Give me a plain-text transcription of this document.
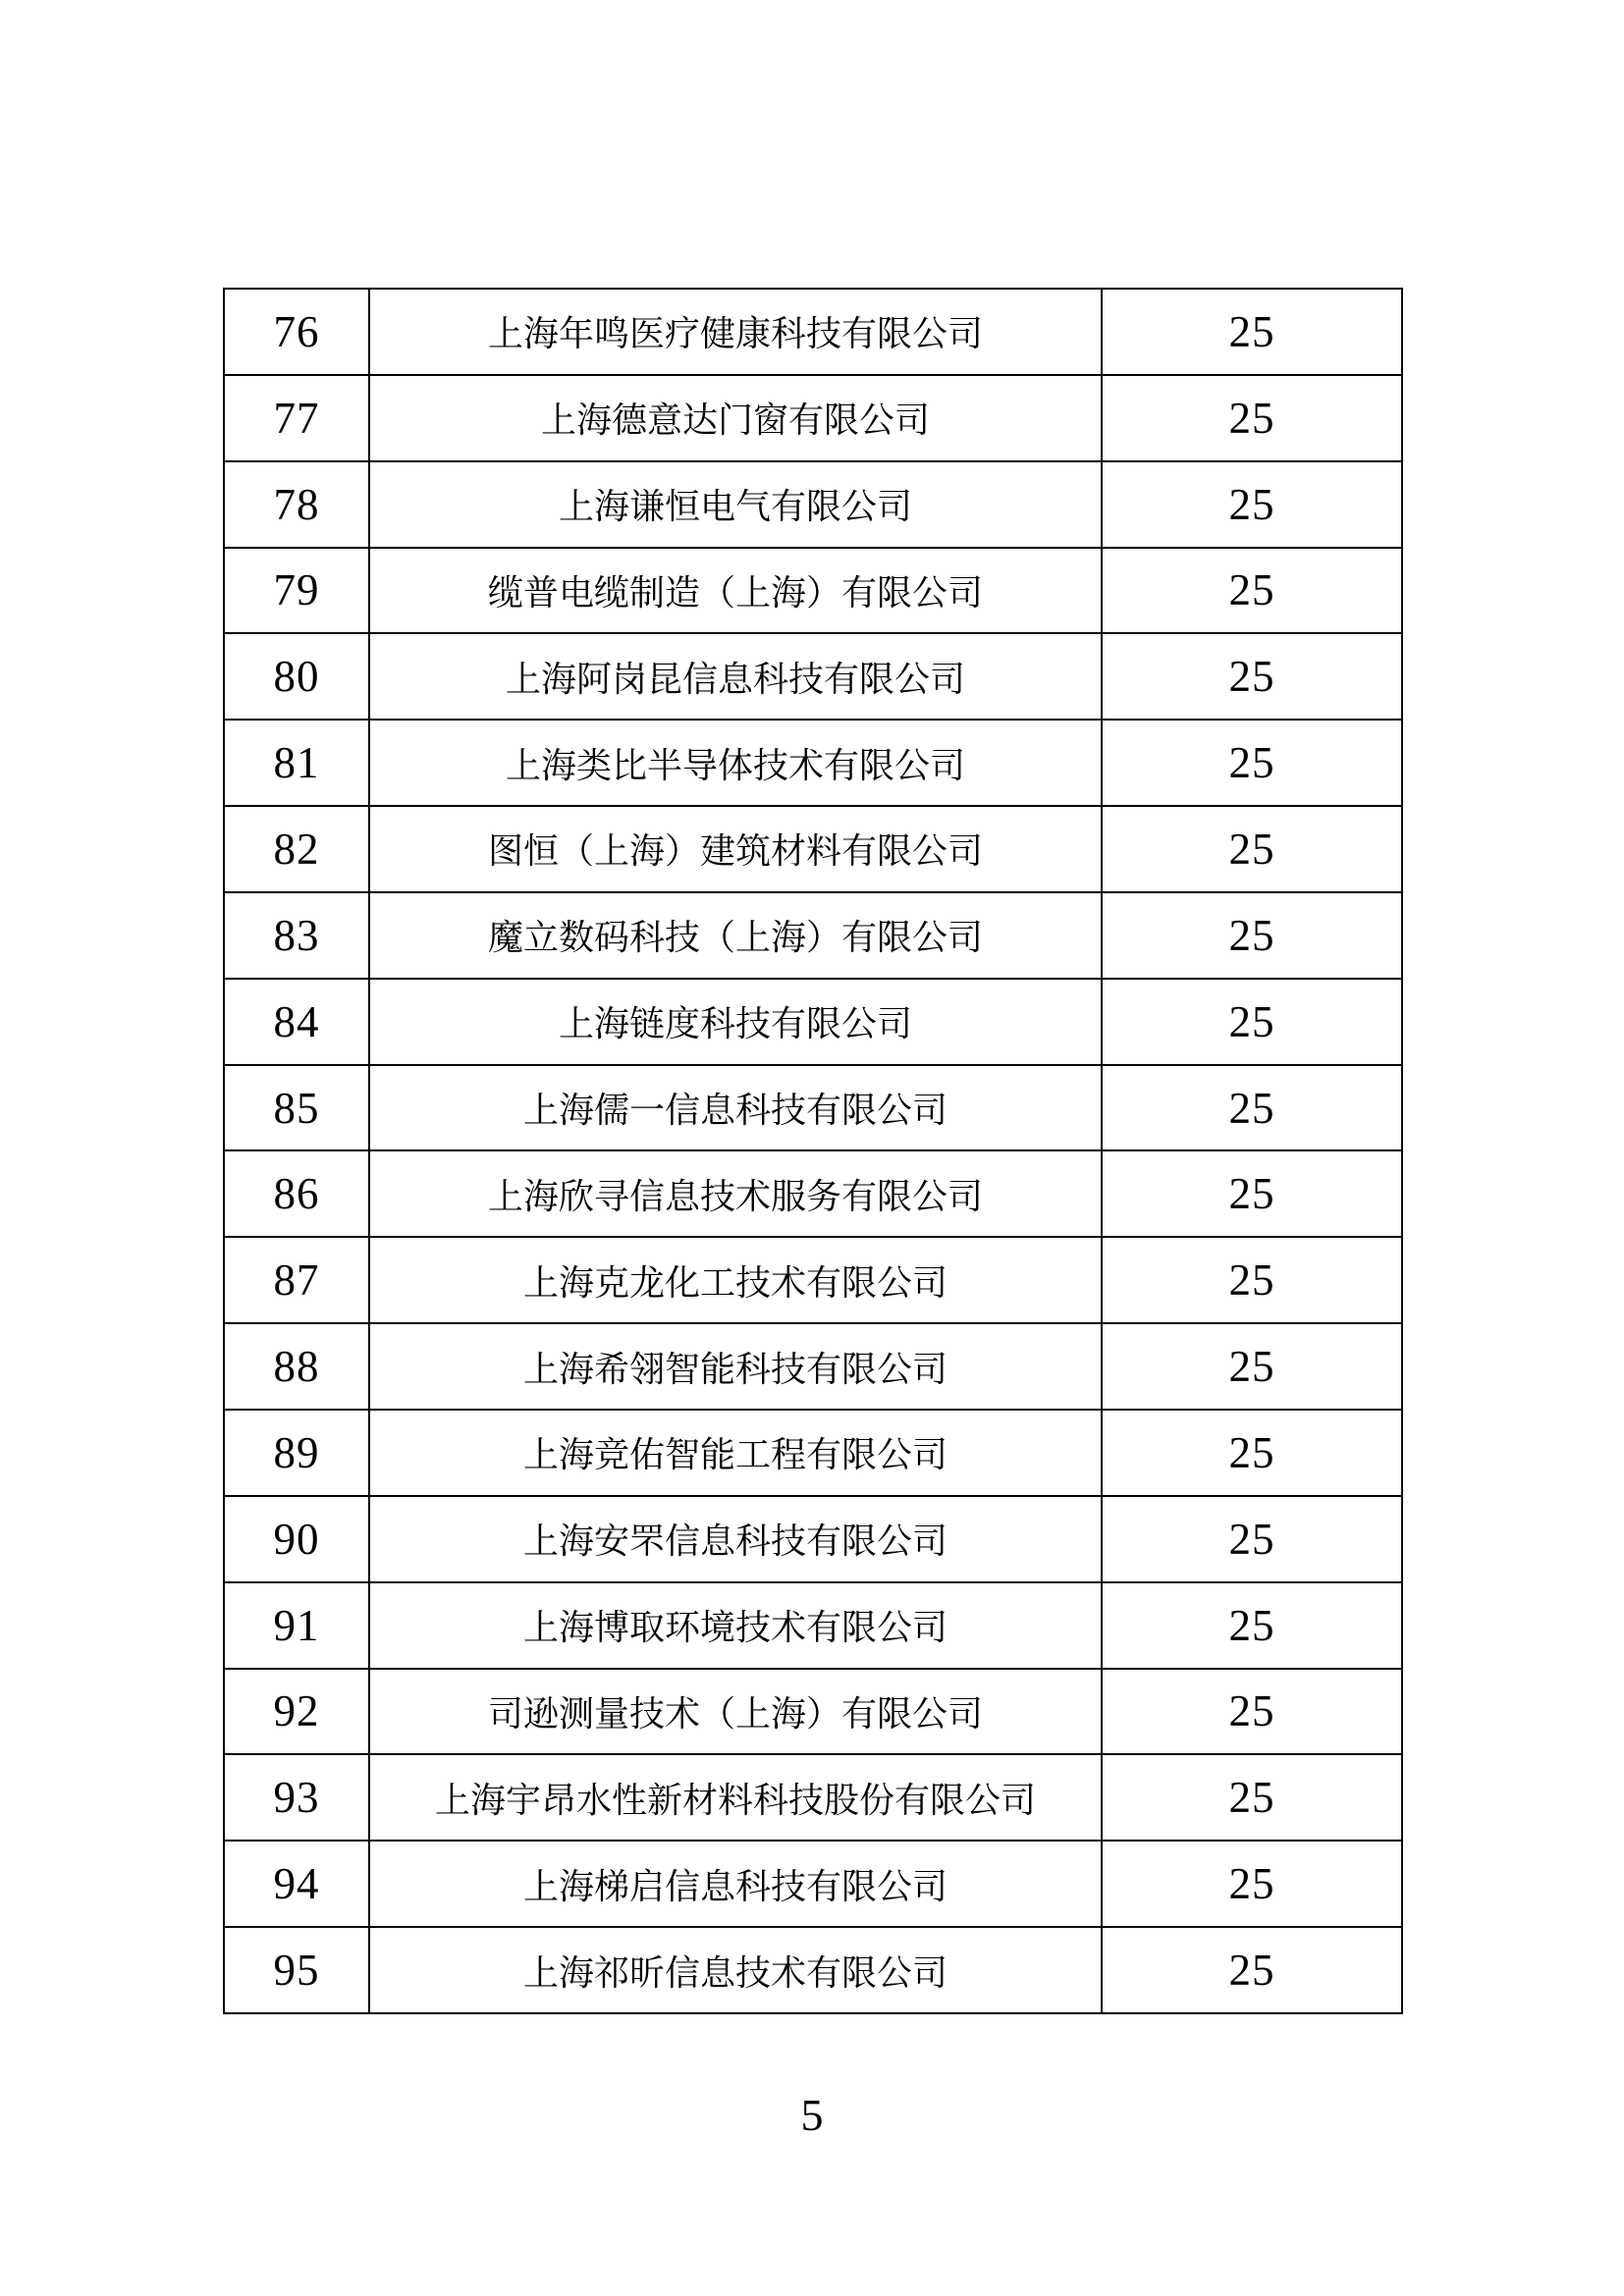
76	上海年鸣医疗健康科技有限公司	25
77	上海德意达门窗有限公司	25
78	上海谦恒电气有限公司	25
79	缆普电缆制造（上海）有限公司	25
80	上海阿岗昆信息科技有限公司	25
81	上海类比半导体技术有限公司	25
82	图恒（上海）建筑材料有限公司	25
83	魔立数码科技（上海）有限公司	25
84	上海链度科技有限公司	25
85	上海儒一信息科技有限公司	25
86	上海欣寻信息技术服务有限公司	25
87	上海克龙化工技术有限公司	25
88	上海希翎智能科技有限公司	25
89	上海竞佑智能工程有限公司	25
90	上海安罘信息科技有限公司	25
91	上海博取环境技术有限公司	25
92	司逊测量技术（上海）有限公司	25
93	上海宇昂水性新材料科技股份有限公司	25
94	上海梯启信息科技有限公司	25
95	上海祁昕信息技术有限公司	25
5
